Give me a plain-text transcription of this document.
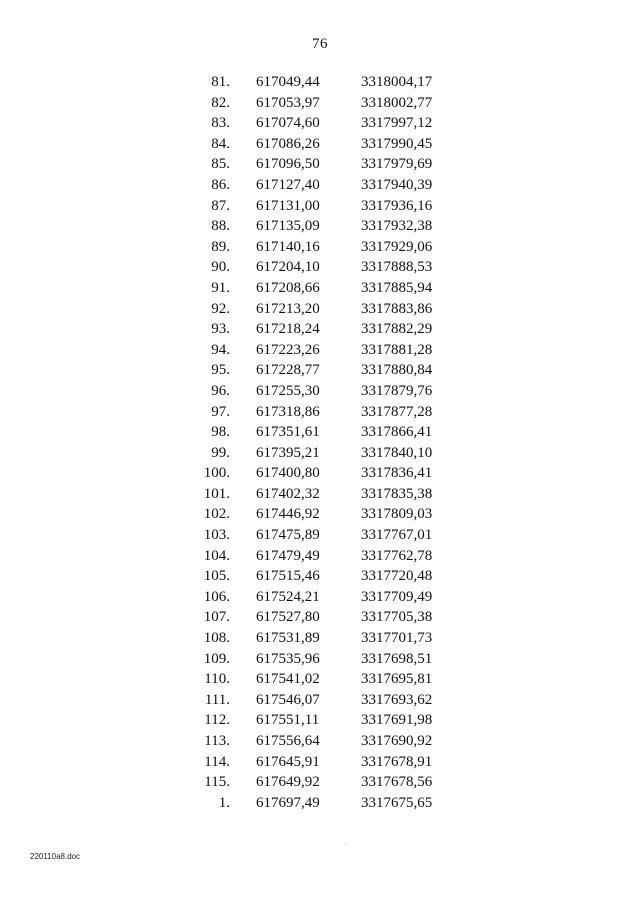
76
81. 617049,44	3318004,17
82. 617053,97	3318002,77
83. 617074,60	3317997,12
84. 617086,26	3317990,45
85. 617096,50	3317979,69
86. 617127,40	3317940,39
87. 617131,00	3317936,16
88. 617135,09	3317932,38
89. 617140,16	3317929,06
90. 617204,10	3317888,53
91. 617208,66	3317885,94
92. 617213,20	3317883,86
93. 617218,24	3317882,29
94. 617223,26	3317881,28
95. 617228,77	3317880,84
96. 617255,30	3317879,76
97. 617318,86	3317877,28
98. 617351,61	3317866,41
99. 617395,21	3317840,10
100. 617400,80	3317836,41
101. 617402,32	3317835,38
102. 617446,92	3317809,03
103. 617475,89	3317767,01
104. 617479,49	3317762,78
105. 617515,46	3317720,48
106. 617524,21	3317709,49
107. 617527,80	3317705,38
108. 617531,89	3317701,73
109. 617535,96	3317698,51
110. 617541,02	3317695,81
111. 617546,07	3317693,62
112. 617551,11	3317691,98
113. 617556,64	3317690,92
114. 617645,91	3317678,91
115. 617649,92	3317678,56
1. 617697,49	3317675,65
220110a8.doc
